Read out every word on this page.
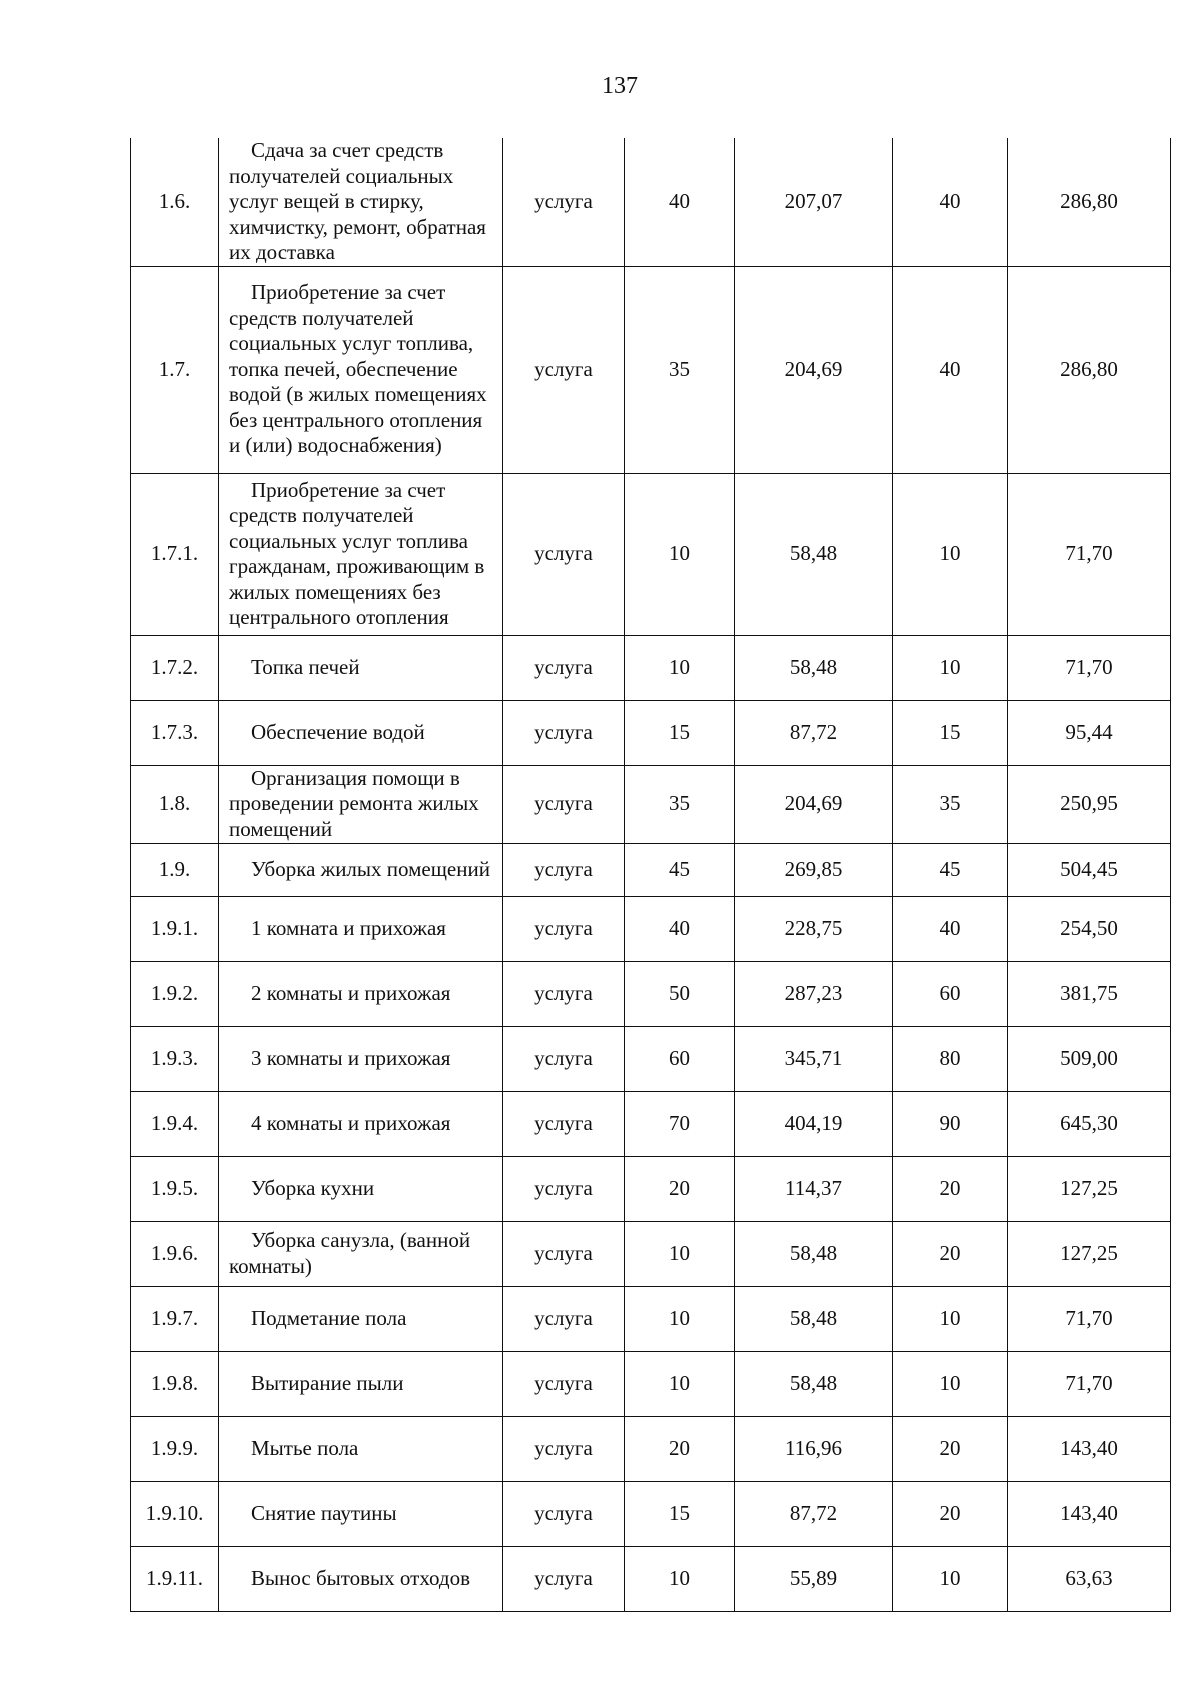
137
1.6.	Сдача за счет средств получателей социальных услуг вещей в стирку, химчистку, ремонт, обратная их доставка	услуга	40	207,07	40	286,80
1.7.	Приобретение за счет средств получателей социальных услуг топлива, топка печей, обеспечение водой (в жилых помещениях без центрального отопления и (или) водоснабжения)	услуга	35	204,69	40	286,80
1.7.1.	Приобретение за счет средств получателей социальных услуг топлива гражданам, проживающим в жилых помещениях без центрального отопления	услуга	10	58,48	10	71,70
1.7.2.	Топка печей	услуга	10	58,48	10	71,70
1.7.3.	Обеспечение водой	услуга	15	87,72	15	95,44
1.8.	Организация помощи в проведении ремонта жилых помещений	услуга	35	204,69	35	250,95
1.9.	Уборка жилых помещений	услуга	45	269,85	45	504,45
1.9.1.	1 комната и прихожая	услуга	40	228,75	40	254,50
1.9.2.	2 комнаты и прихожая	услуга	50	287,23	60	381,75
1.9.3.	3 комнаты и прихожая	услуга	60	345,71	80	509,00
1.9.4.	4 комнаты и прихожая	услуга	70	404,19	90	645,30
1.9.5.	Уборка кухни	услуга	20	114,37	20	127,25
1.9.6.	Уборка санузла, (ванной комнаты)	услуга	10	58,48	20	127,25
1.9.7.	Подметание пола	услуга	10	58,48	10	71,70
1.9.8.	Вытирание пыли	услуга	10	58,48	10	71,70
1.9.9.	Мытье пола	услуга	20	116,96	20	143,40
1.9.10.	Снятие паутины	услуга	15	87,72	20	143,40
1.9.11.	Вынос бытовых отходов	услуга	10	55,89	10	63,63
